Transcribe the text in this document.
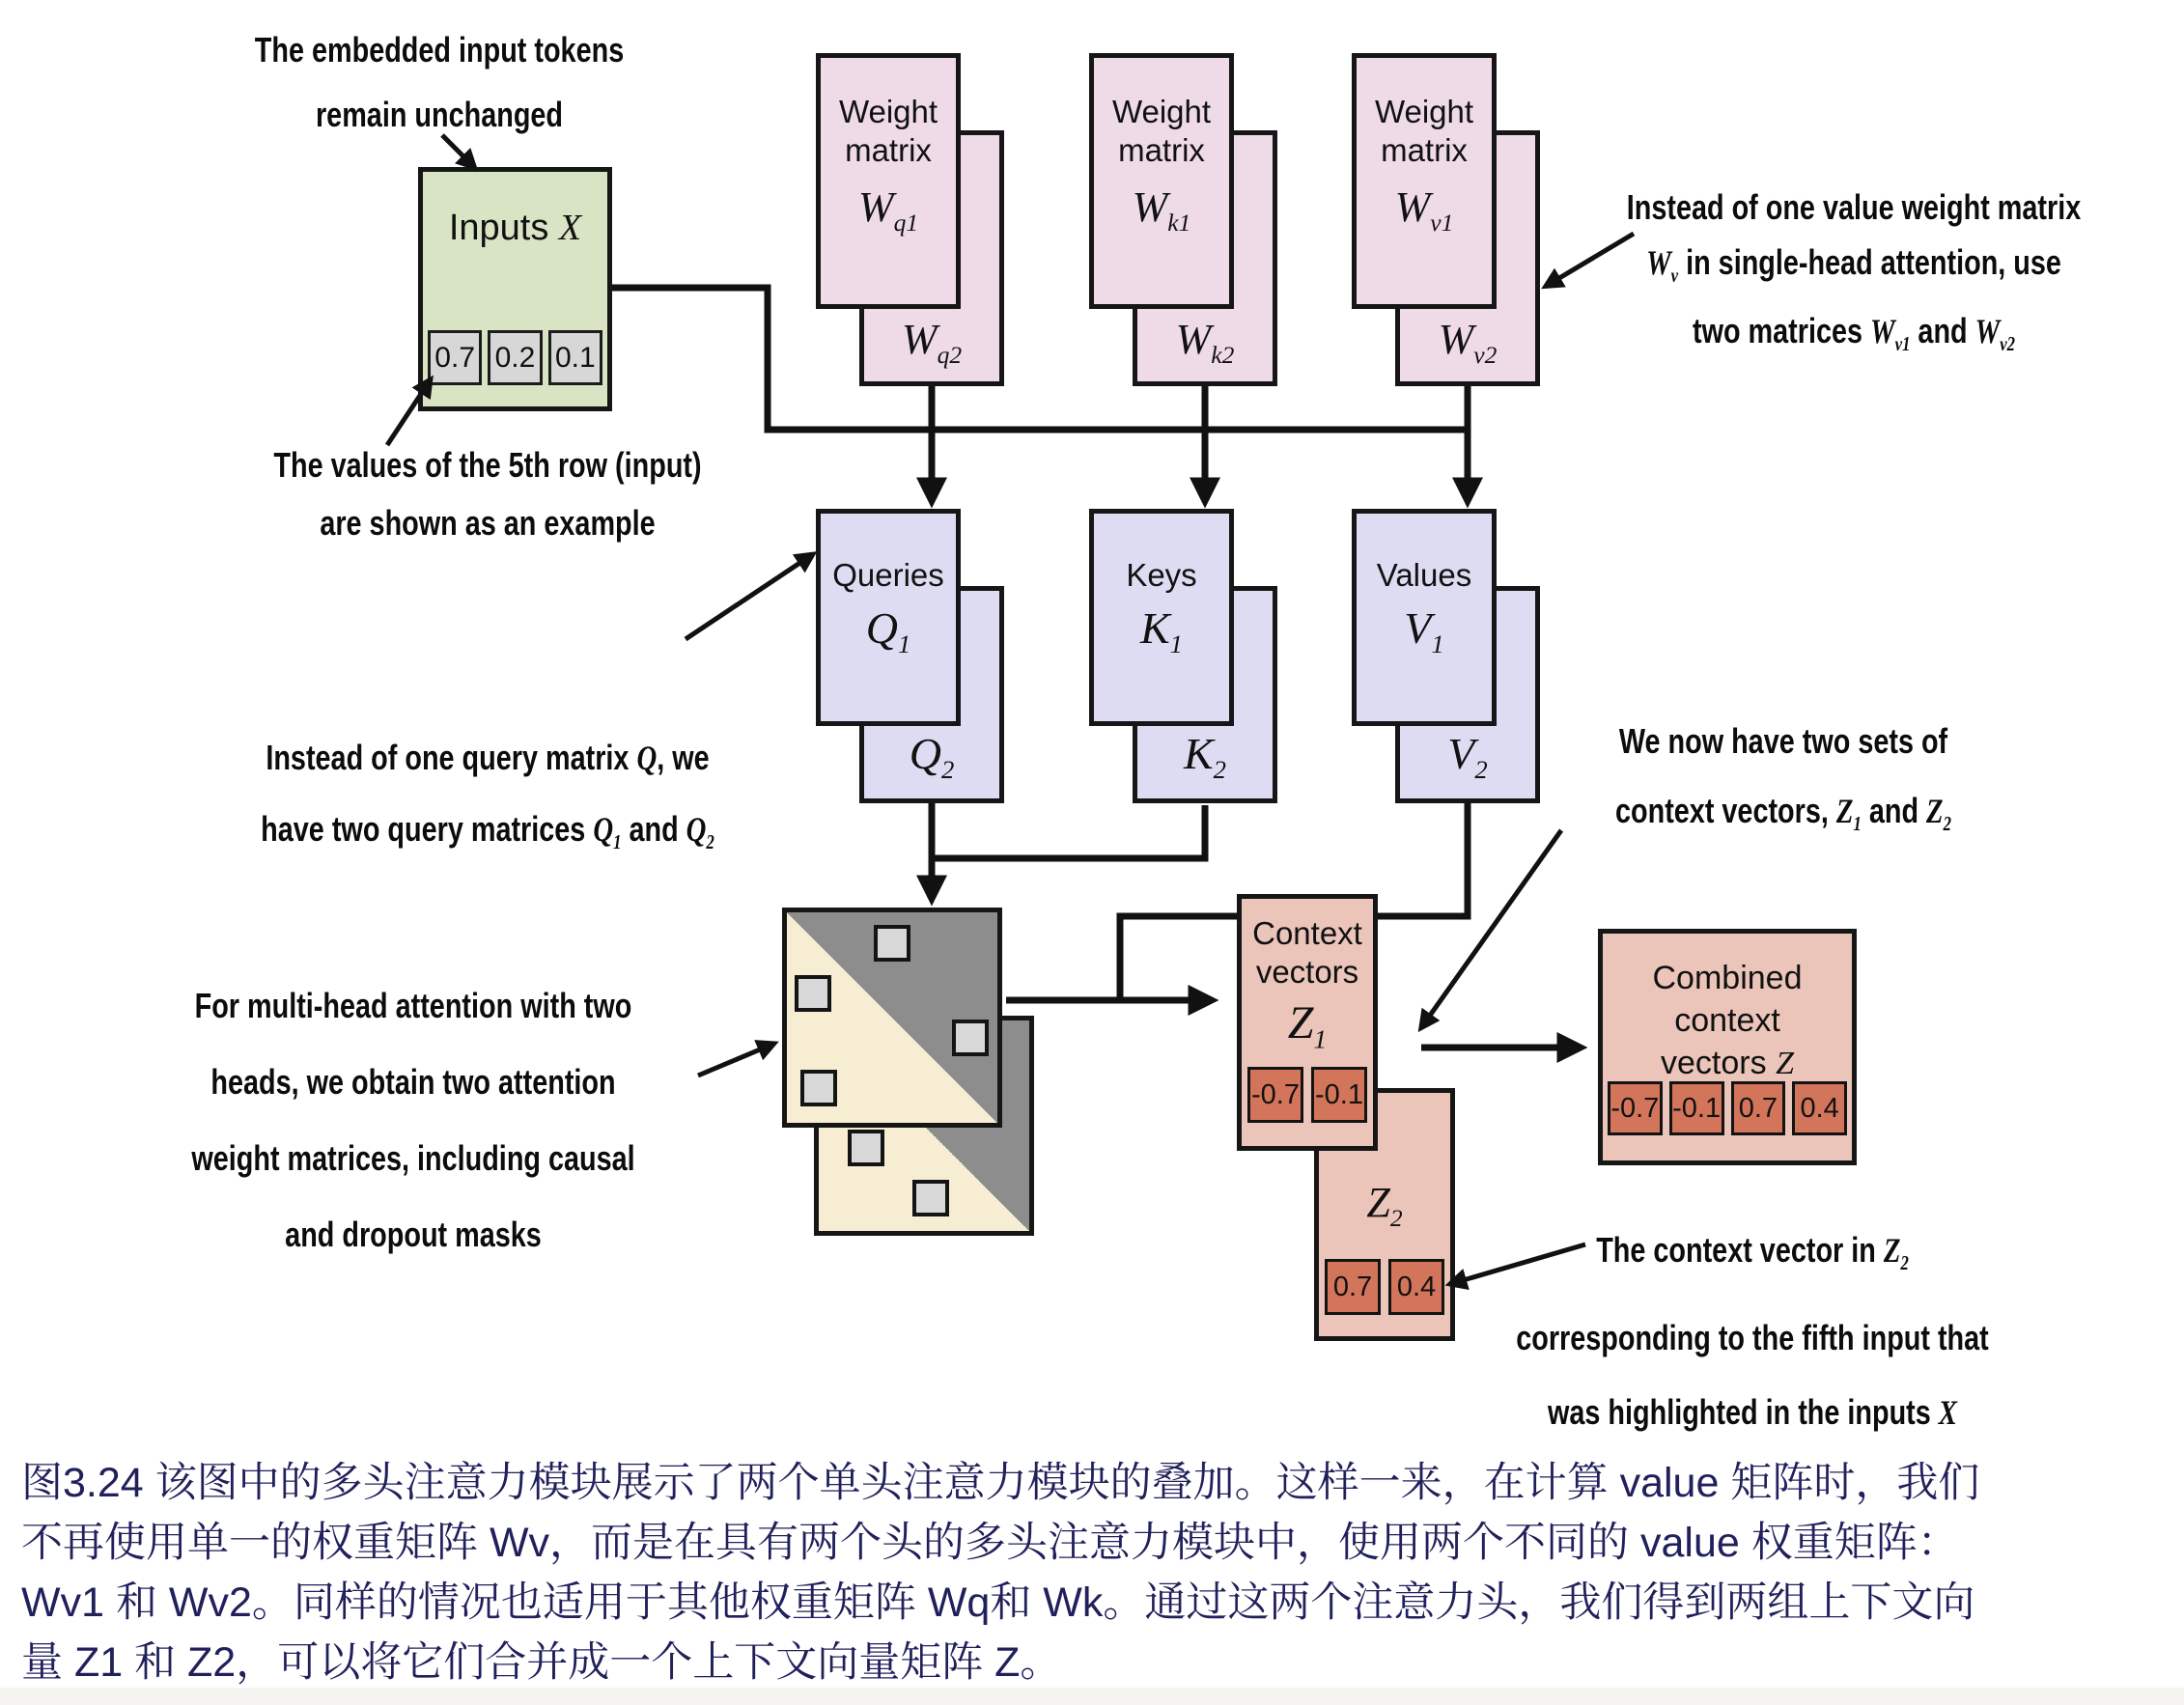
Inputs X
0.7 0.2 0.1	$W_{q2}$
Weight
matrix
$W_{q1}$
$W_{k2}$
Weight
matrix
$W_{k1}$
$W_{v2}$
Weight
matrix
$W_{v1}$
$Q_2$
Queries
$Q_1$
$K_2$
Keys
$K_1$
$V_2$
Values
$V_1$
$Z_2$
0.7 0.4
Context
vectors
$Z_1$
-0.7 -0.1
Combined
context
vectors Z
-0.7 -0.1 0.7 0.4
The embedded input tokens
remain unchanged
The values of the 5th row (input)
are shown as an example
Instead of one query matrix Q, we
have two query matrices $Q_1$ and $Q_2$
For multi-head attention with two
heads, we obtain two attention
weight matrices, including causal
and dropout masks
Instead of one value weight matrix
$W_v$ in single-head attention, use
two matrices $W_{v1}$ and $W_{v2}$
We now have two sets of
context vectors, $Z_1$ and $Z_2$
The context vector in $Z_2$
corresponding to the fifth input that
was highlighted in the inputs X
图3.24 该图中的多头注意力模块展示了两个单头注意力模块的叠加。这样一来，在计算 value 矩阵时，我们
不再使用单一的权重矩阵 Wv，而是在具有两个头的多头注意力模块中，使用两个不同的 value 权重矩阵：
Wv1 和 Wv2。同样的情况也适用于其他权重矩阵 Wq和 Wk。通过这两个注意力头，我们得到两组上下文向
量 Z1 和 Z2，可以将它们合并成一个上下文向量矩阵 Z。
